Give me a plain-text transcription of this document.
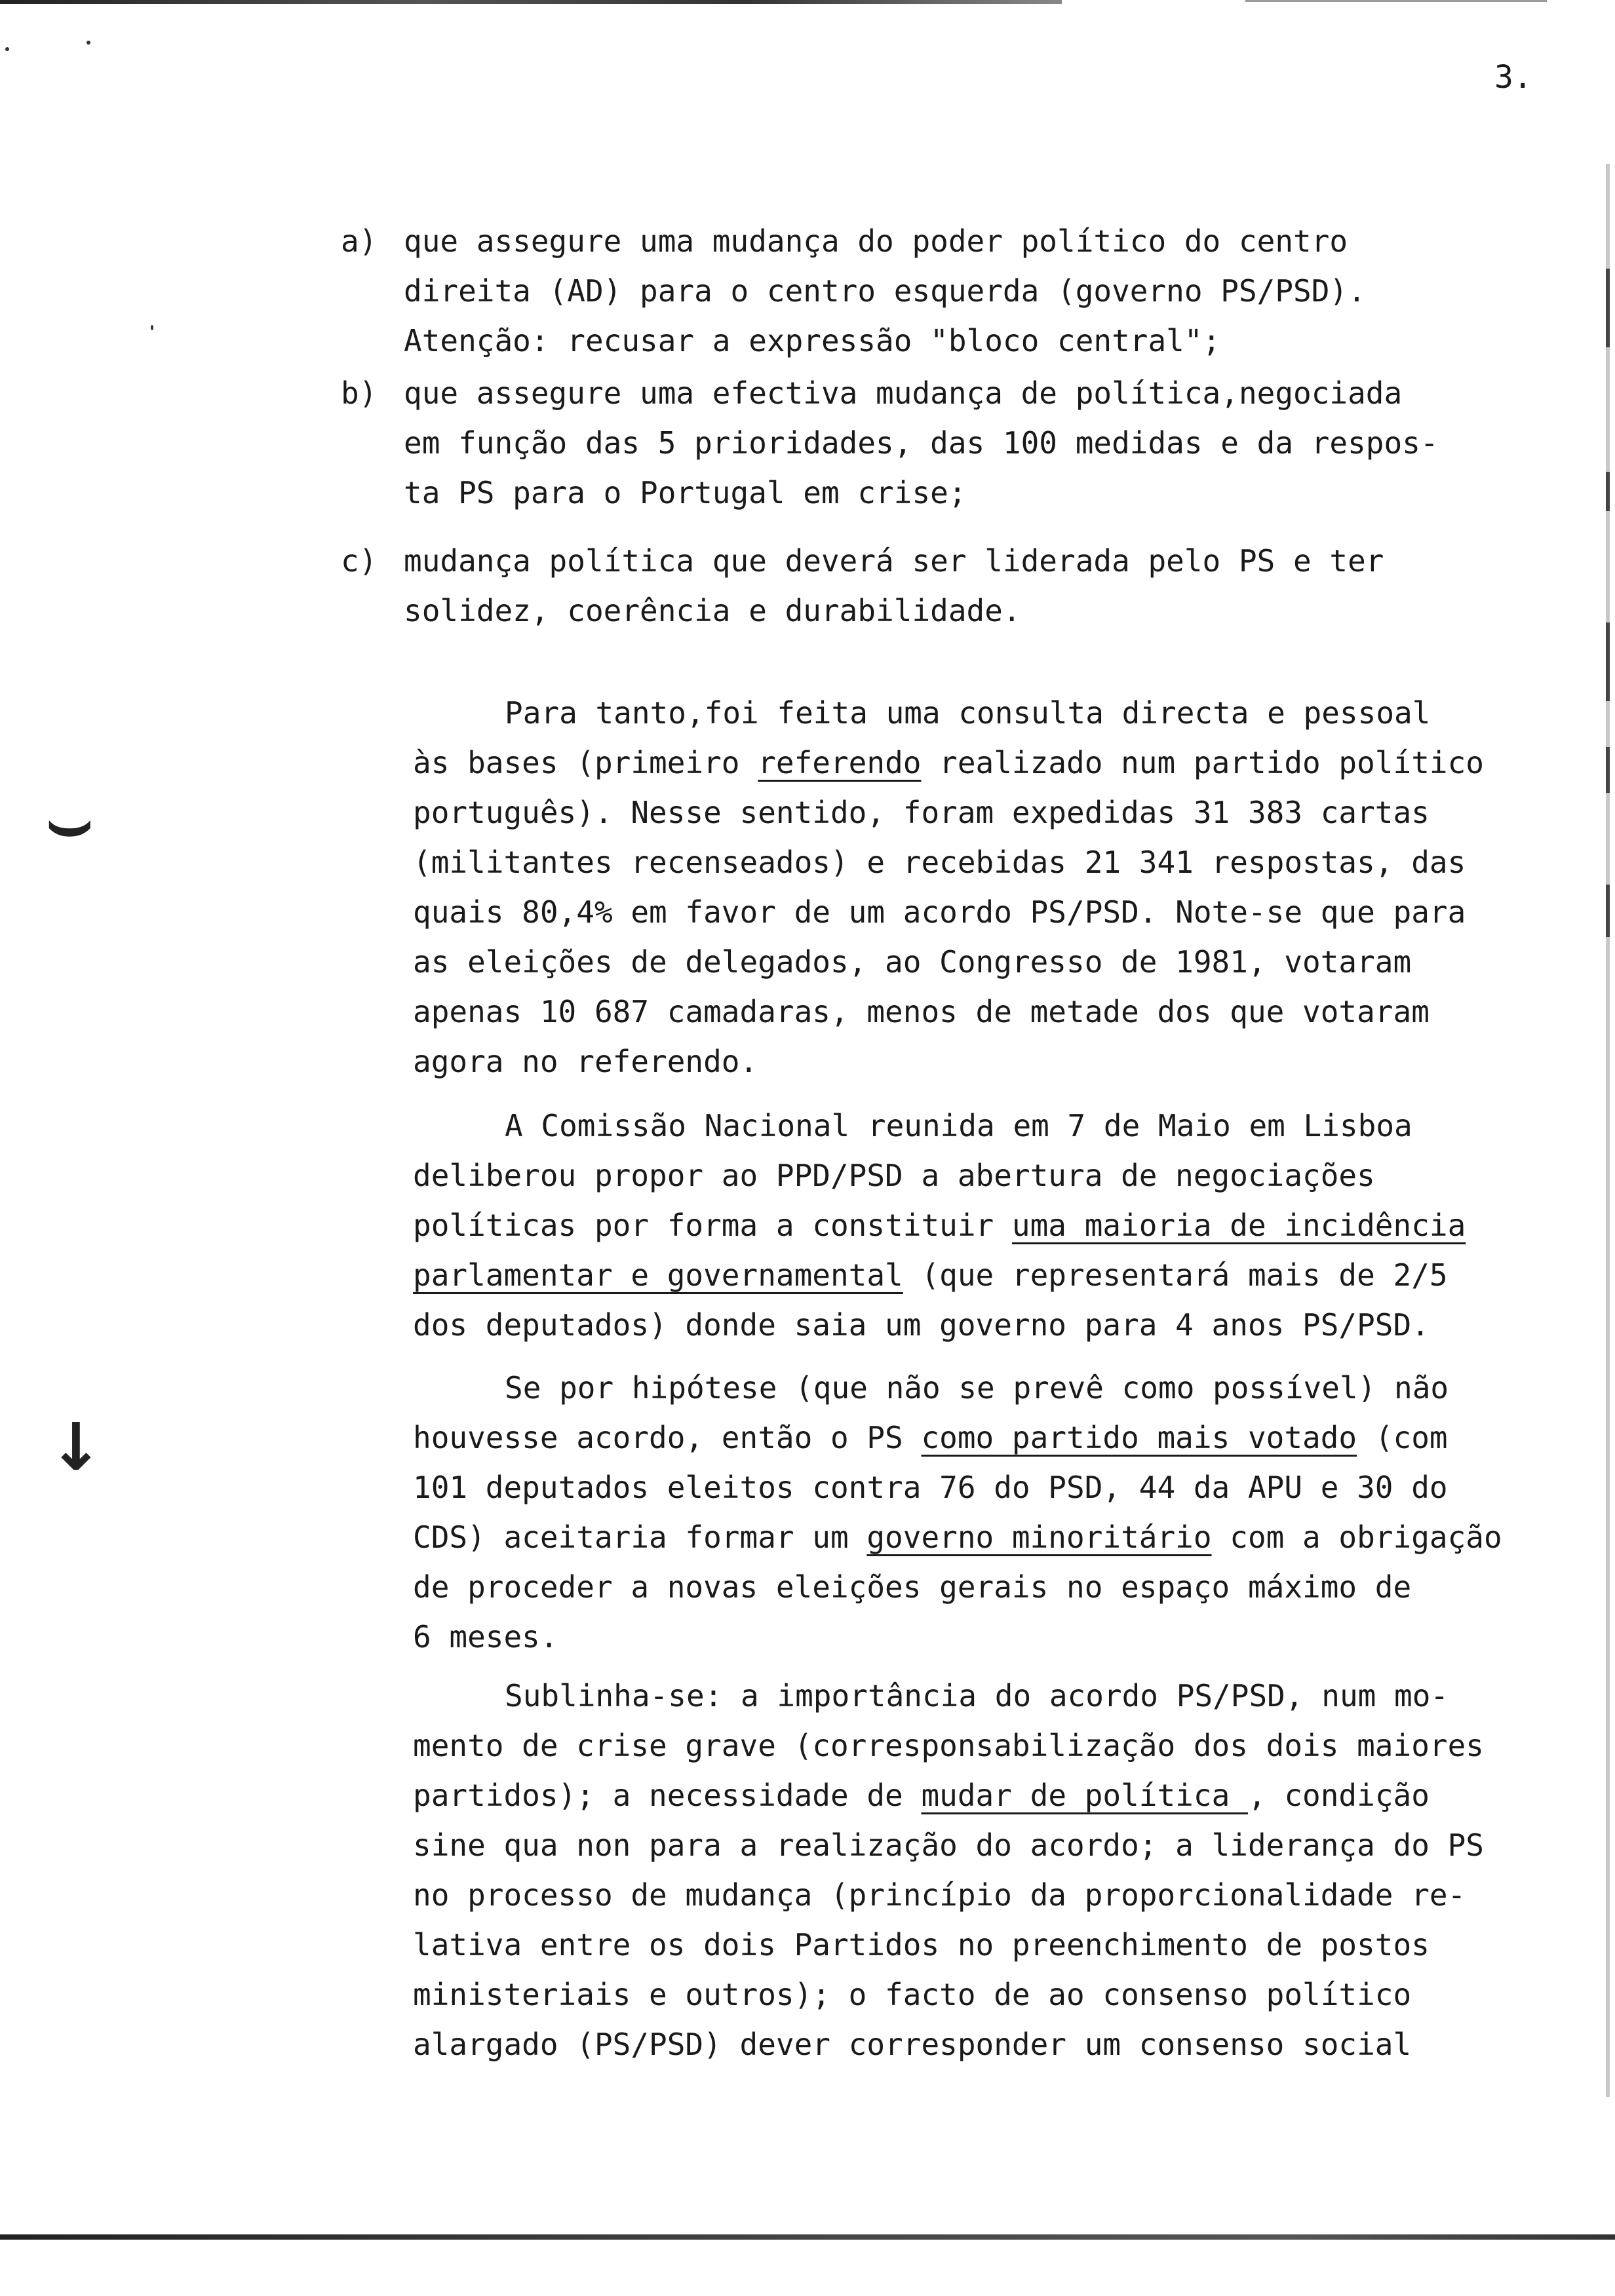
⌣
↓
3.
a) que assegure uma mudança do poder político do centro
direita (AD) para o centro esquerda (governo PS/PSD).
Atenção: recusar a expressão "bloco central";
b) que assegure uma efectiva mudança de política,negociada
em função das 5 prioridades, das 100 medidas e da respos-
ta PS para o Portugal em crise;
c) mudança política que deverá ser liderada pelo PS e ter
solidez, coerência e durabilidade.
Para tanto,foi feita uma consulta directa e pessoal
às bases (primeiro referendo realizado num partido político
português). Nesse sentido, foram expedidas 31 383 cartas
(militantes recenseados) e recebidas 21 341 respostas, das
quais 80,4% em favor de um acordo PS/PSD. Note-se que para
as eleições de delegados, ao Congresso de 1981, votaram
apenas 10 687 camadaras, menos de metade dos que votaram
agora no referendo.
A Comissão Nacional reunida em 7 de Maio em Lisboa
deliberou propor ao PPD/PSD a abertura de negociações
políticas por forma a constituir uma maioria de incidência
parlamentar e governamental (que representará mais de 2/5
dos deputados) donde saia um governo para 4 anos PS/PSD.
Se por hipótese (que não se prevê como possível) não
houvesse acordo, então o PS como partido mais votado (com
101 deputados eleitos contra 76 do PSD, 44 da APU e 30 do
CDS) aceitaria formar um governo minoritário com a obrigação
de proceder a novas eleições gerais no espaço máximo de
6 meses.
Sublinha-se: a importância do acordo PS/PSD, num mo-
mento de crise grave (corresponsabilização dos dois maiores
partidos); a necessidade de mudar de política , condição
sine qua non para a realização do acordo; a liderança do PS
no processo de mudança (princípio da proporcionalidade re-
lativa entre os dois Partidos no preenchimento de postos
ministeriais e outros); o facto de ao consenso político
alargado (PS/PSD) dever corresponder um consenso social
